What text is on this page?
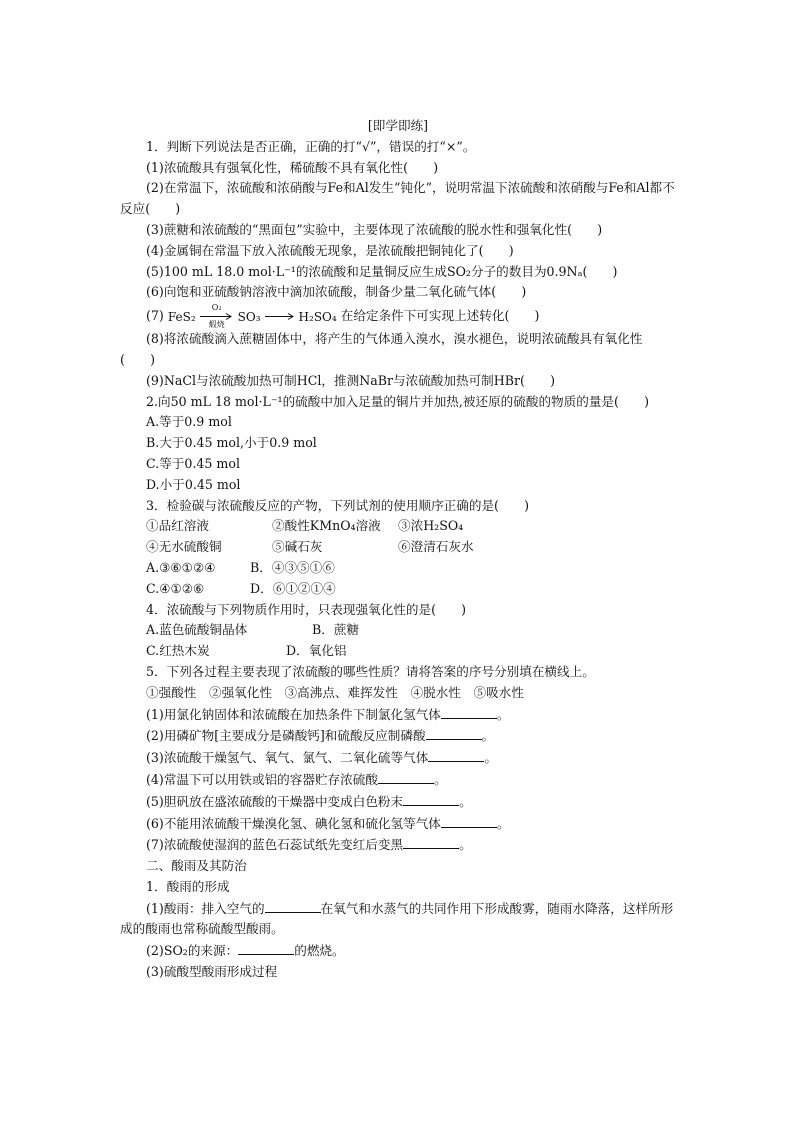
[即学即练]
1．判断下列说法是否正确，正确的打“√”，错误的打“×”。
(1)浓硫酸具有强氧化性，稀硫酸不具有氧化性(　　)
(2)在常温下，浓硫酸和浓硝酸与Fe和Al发生“钝化”，说明常温下浓硫酸和浓硝酸与Fe和Al都不反应(　　)
(3)蔗糖和浓硫酸的“黑面包”实验中，主要体现了浓硫酸的脱水性和强氧化性(　　)
(4)金属铜在常温下放入浓硫酸无现象，是浓硫酸把铜钝化了(　　)
(5)100 mL 18.0 mol·L⁻¹的浓硫酸和足量铜反应生成SO₂分子的数目为0.9Nₐ(　　)
(6)向饱和亚硫酸钠溶液中滴加浓硫酸，制备少量二氧化硫气体(　　)
(7) FeS₂
O₂
煅烧
SO₃	H₂SO₄ 在给定条件下可实现上述转化(　　)
(8)将浓硫酸滴入蔗糖固体中，将产生的气体通入溴水，溴水褪色，说明浓硫酸具有氧化性(　　)
(9)NaCl与浓硫酸加热可制HCl，推测NaBr与浓硫酸加热可制HBr(　　)
2.向50 mL 18 mol·L⁻¹的硫酸中加入足量的铜片并加热,被还原的硫酸的物质的量是(　　)
A.等于0.9 mol
B.大于0.45 mol,小于0.9 mol
C.等于0.45 mol
D.小于0.45 mol
3．检验碳与浓硫酸反应的产物，下列试剂的使用顺序正确的是(　　)
①品红溶液	②酸性KMnO₄溶液 ③浓H₂SO₄
④无水硫酸铜	⑤碱石灰	⑥澄清石灰水
A.③⑥①②④	B．④③⑤①⑥
C.④①②⑥	D．⑥①②①④
4．浓硫酸与下列物质作用时，只表现强氧化性的是(　　)
A.蓝色硫酸铜晶体	B．蔗糖
C.红热木炭	D．氧化铝
5．下列各过程主要表现了浓硫酸的哪些性质？请将答案的序号分别填在横线上。
①强酸性　②强氧化性　③高沸点、难挥发性　④脱水性　⑤吸水性
(1)用氯化钠固体和浓硫酸在加热条件下制氯化氢气体	。
(2)用磷矿物[主要成分是磷酸钙]和硫酸反应制磷酸	。
(3)浓硫酸干燥氢气、氧气、氯气、二氧化硫等气体	。
(4)常温下可以用铁或铝的容器贮存浓硫酸	。
(5)胆矾放在盛浓硫酸的干燥器中变成白色粉末	。
(6)不能用浓硫酸干燥溴化氢、碘化氢和硫化氢等气体	。
(7)浓硫酸使湿润的蓝色石蕊试纸先变红后变黑	。
二、酸雨及其防治
1．酸雨的形成
(1)酸雨：排入空气的	在氧气和水蒸气的共同作用下形成酸雾，随雨水降落，这样所形成的酸雨也常称硫酸型酸雨。
(2)SO₂的来源：	的燃烧。
(3)硫酸型酸雨形成过程
